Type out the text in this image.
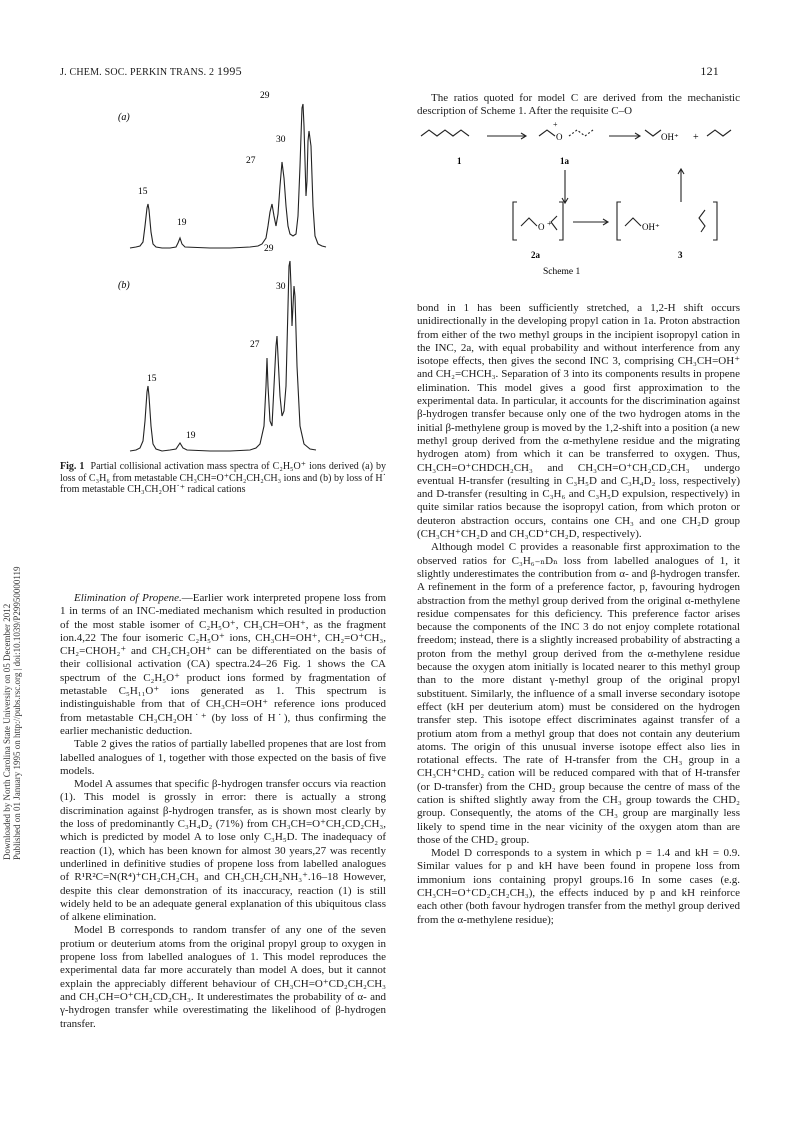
J. CHEM. SOC. PERKIN TRANS. 2 1995	121
Downloaded by North Carolina State University on 05 December 2012 Published on 01 January 1995 on http://pubs.rsc.org | doi:10.1039/P29950000119
(a)
15
19
27
29
30
(b)
15
19
27
29
30
Fig. 1 Partial collisional activation mass spectra of C₂H₅O⁺ ions derived (a) by loss of C₃H₆ from metastable CH₃CH=O⁺CH₂CH₂CH₃ ions and (b) by loss of H˙ from metastable CH₃CH₂OH˙⁺ radical cations

Elimination of Propene.—Earlier work interpreted propene loss from 1 in terms of an INC-mediated mechanism which resulted in production of the most stable isomer of C₂H₅O⁺, CH₃CH=OH⁺, as the fragment ion.4,22 The four isomeric C₂H₅O⁺ ions, CH₃CH=OH⁺, CH₂=O⁺CH₃, CH₂=CHOH₂⁺ and CH₂CH₂OH⁺ can be differentiated on the basis of their collisional activation (CA) spectra.24–26 Fig. 1 shows the CA spectrum of the C₂H₅O⁺ product ions formed by fragmentation of metastable C₅H₁₁O⁺ ions generated as 1. This spectrum is indistinguishable from that of CH₃CH=OH⁺ reference ions produced from metastable CH₃CH₂OH˙⁺ (by loss of H˙), thus confirming the earlier mechanistic deduction.

Table 2 gives the ratios of partially labelled propenes that are lost from labelled analogues of 1, together with those expected on the basis of five models.

Model A assumes that specific β-hydrogen transfer occurs via reaction (1). This model is grossly in error: there is actually a strong discrimination against β-hydrogen transfer, as is shown most clearly by the loss of predominantly C₃H₄D₂ (71%) from CH₃CH=O⁺CH₂CD₂CH₃, which is predicted by model A to lose only C₃H₅D. The inadequacy of reaction (1), which has been known for almost 30 years,27 was recently underlined in definitive studies of propene loss from labelled analogues of R¹R²C=N(R⁴)⁺CH₂CH₂CH₃ and CH₃CH₂CH₂NH₃⁺.16–18 However, despite this clear demonstration of its inaccuracy, reaction (1) is still widely held to be an adequate general explanation of this ubiquitous class of alkene elimination.

Model B corresponds to random transfer of any one of the seven protium or deuterium atoms from the original propyl group to oxygen in propene loss from labelled analogues of 1. This model reproduces the experimental data far more accurately than model A does, but it cannot explain the appreciably different behaviour of CH₃CH=O⁺CD₂CH₂CH₃ and CH₃CH=O⁺CH₂CD₂CH₃. It underestimates the probability of α- and γ-hydrogen transfer while overestimating the likelihood of β-hydrogen transfer.

The ratios quoted for model C are derived from the mechanistic description of Scheme 1. After the requisite C–O

+
O	OH⁺ +
O +	OH⁺
1	1a
2a	3
Scheme 1

bond in 1 has been sufficiently stretched, a 1,2-H shift occurs unidirectionally in the developing propyl cation in 1a. Proton abstraction from either of the two methyl groups in the incipient isopropyl cation in the INC, 2a, with equal probability and without interference from any isotope effects, then gives the second INC 3, comprising CH₃CH=OH⁺ and CH₂=CHCH₃. Separation of 3 into its components results in propene elimination. This model gives a good first approximation to the experimental data. In particular, it accounts for the discrimination against β-hydrogen transfer because only one of the two hydrogen atoms in the initial β-methylene group is moved by the 1,2-shift into a position (a new methyl group derived from the α-methylene residue and the migrating hydrogen atom) from which it can be transferred to oxygen. Thus, CH₃CH=O⁺CHDCH₂CH₃ and CH₃CH=O⁺CH₂CD₂CH₃ undergo eventual H-transfer (resulting in C₃H₅D and C₃H₄D₂ loss, respectively) and D-transfer (resulting in C₃H₆ and C₃H₅D expulsion, respectively) in quite similar ratios because the isopropyl cation, from which proton or deuteron abstraction occurs, contains one CH₃ and one CH₂D group (CH₃CH⁺CH₂D and CH₃CD⁺CH₂D, respectively).

Although model C provides a reasonable first approximation to the observed ratios for C₃H₆₋ₙDₙ loss from labelled analogues of 1, it slightly underestimates the contribution from α- and β-hydrogen transfer. A refinement in the form of a preference factor, p, favouring hydrogen abstraction from the methyl group derived from the original α-methylene residue compensates for this deficiency. This preference factor arises because the components of the INC 3 do not enjoy complete rotational freedom; instead, there is a slightly increased probability of abstracting a proton from the methyl group derived from the α-methylene residue because the oxygen atom initially is located nearer to this methyl group than to the more distant γ-methyl group of the original propyl substituent. Similarly, the influence of a small inverse secondary isotope effect (kH per deuterium atom) must be considered on the hydrogen transfer step. This isotope effect discriminates against transfer of a protium atom from a methyl group that does not contain any deuterium atoms. The origin of this unusual inverse isotope effect also lies in rotational effects. The rate of H-transfer from the CH₃ group in a CH₃CH⁺CHD₂ cation will be reduced compared with that of H-transfer (or D-transfer) from the CHD₂ group because the centre of mass of the cation is shifted slightly away from the CH₃ group towards the CHD₂ group. Consequently, the atoms of the CH₃ group are marginally less likely to spend time in the near vicinity of the oxygen atom than are those of the CHD₂ group.

Model D corresponds to a system in which p = 1.4 and kH = 0.9. Similar values for p and kH have been found in propene loss from immonium ions containing propyl groups.16 In some cases (e.g. CH₃CH=O⁺CD₂CH₂CH₃), the effects induced by p and kH reinforce each other (both favour hydrogen transfer from the methyl group derived from the α-methylene residue);
